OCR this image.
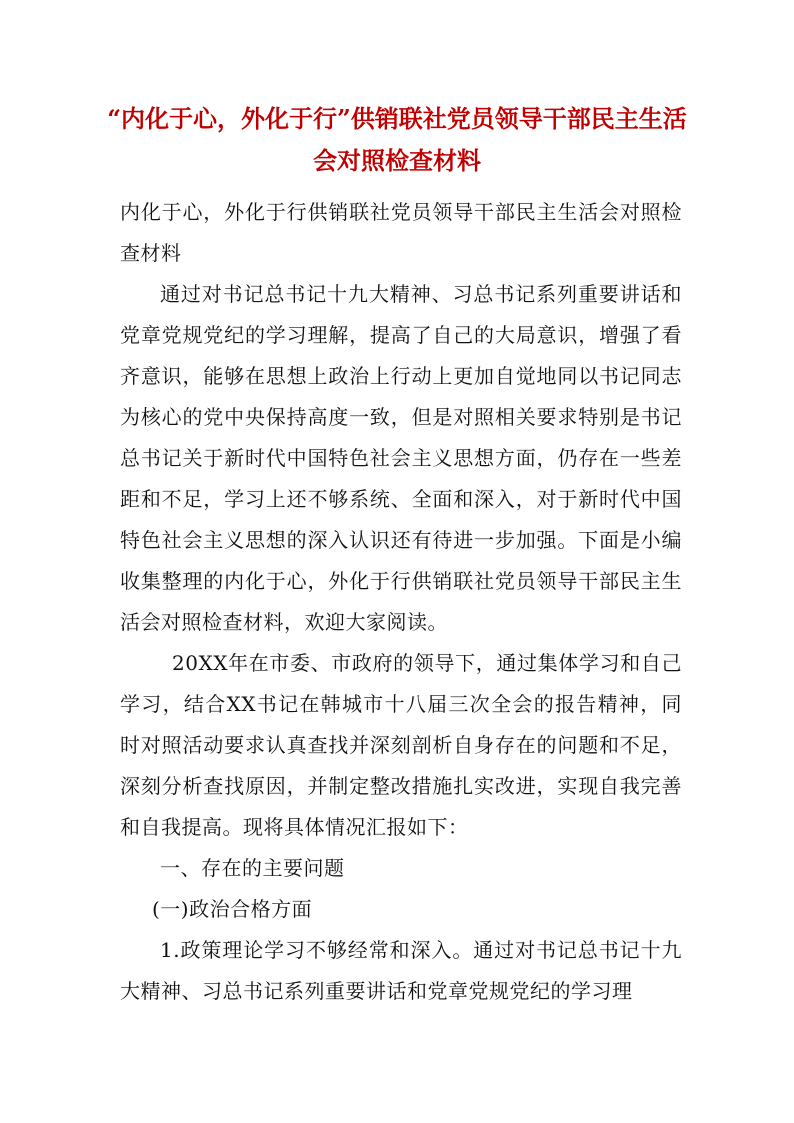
“内化于心，外化于行”供销联社党员领导干部民主生活会对照检查材料

内化于心，外化于行供销联社党员领导干部民主生活会对照检查材料

通过对书记总书记十九大精神、习总书记系列重要讲话和党章党规党纪的学习理解，提高了自己的大局意识，增强了看齐意识，能够在思想上政治上行动上更加自觉地同以书记同志为核心的党中央保持高度一致，但是对照相关要求特别是书记总书记关于新时代中国特色社会主义思想方面，仍存在一些差距和不足，学习上还不够系统、全面和深入，对于新时代中国特色社会主义思想的深入认识还有待进一步加强。下面是小编收集整理的内化于心，外化于行供销联社党员领导干部民主生活会对照检查材料，欢迎大家阅读。

20XX年在市委、市政府的领导下，通过集体学习和自己学习，结合XX书记在韩城市十八届三次全会的报告精神，同时对照活动要求认真查找并深刻剖析自身存在的问题和不足，深刻分析查找原因，并制定整改措施扎实改进，实现自我完善和自我提高。现将具体情况汇报如下：

一、存在的主要问题

(一)政治合格方面

1.政策理论学习不够经常和深入。通过对书记总书记十九大精神、习总书记系列重要讲话和党章党规党纪的学习理
